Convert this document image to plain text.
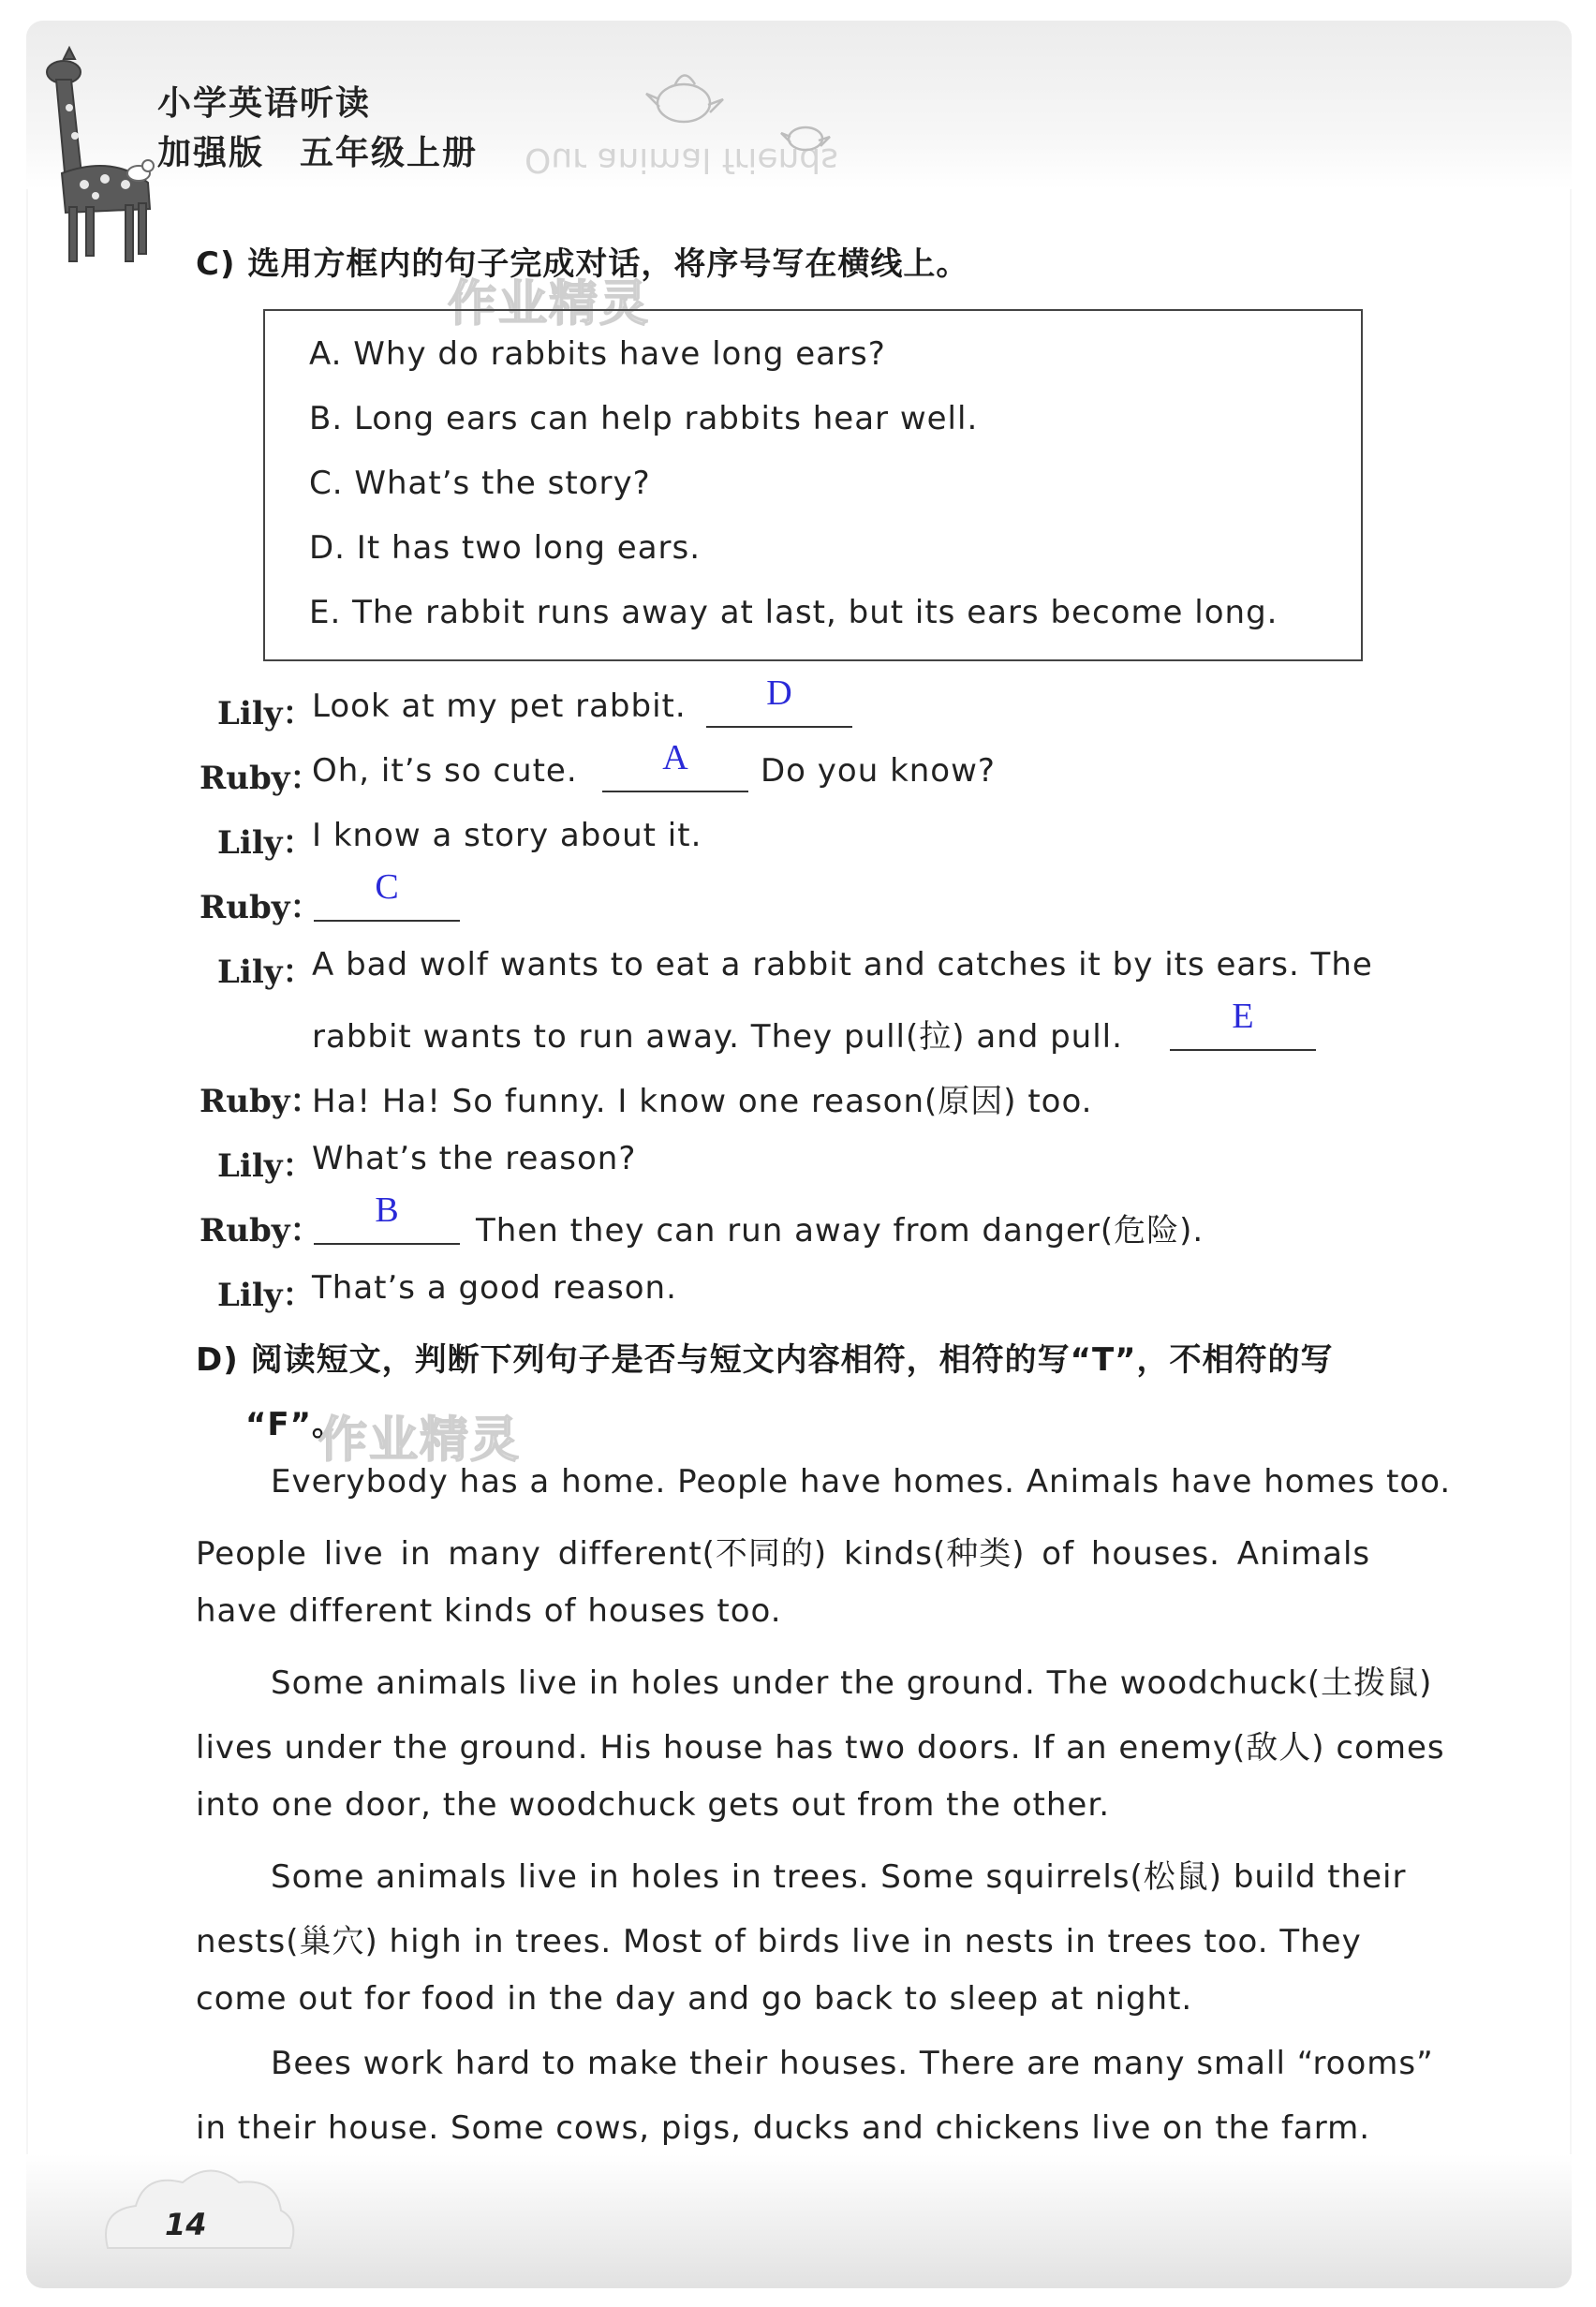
小学英语听读
加强版　五年级上册 Our animal friends
C) 选用方框内的句子完成对话，将序号写在横线上。
作业精灵
A. Why do rabbits have long ears?
B. Long ears can help rabbits hear well.
C. What’s the story?
D. It has two long ears.
E. The rabbit runs away at last, but its ears become long.
Lily：
Look at my pet rabbit.	D
Ruby：
Oh, it’s so cute.	A	Do you know?
Lily：
I know a story about it.
Ruby：
C
Lily：
A bad wolf wants to eat a rabbit and catches it by its ears. The
rabbit wants to run away. They pull(拉) and pull.
E
Ruby：
Ha! Ha! So funny. I know one reason(原因) too.
Lily：
What’s the reason?
Ruby：
B
Then they can run away from danger(危险).
Lily：
That’s a good reason.
D) 阅读短文，判断下列句子是否与短文内容相符，相符的写“T”，不相符的写
“F”。
作业精灵
Everybody has a home. People have homes. Animals have homes too.
People live in many different(不同的) kinds(种类) of houses. Animals
have different kinds of houses too.
Some animals live in holes under the ground. The woodchuck(土拨鼠)
lives under the ground. His house has two doors. If an enemy(敌人) comes
into one door, the woodchuck gets out from the other.
Some animals live in holes in trees. Some squirrels(松鼠) build their
nests(巢穴) high in trees. Most of birds live in nests in trees too. They
come out for food in the day and go back to sleep at night.
Bees work hard to make their houses. There are many small “rooms”
in their house. Some cows, pigs, ducks and chickens live on the farm.
14
